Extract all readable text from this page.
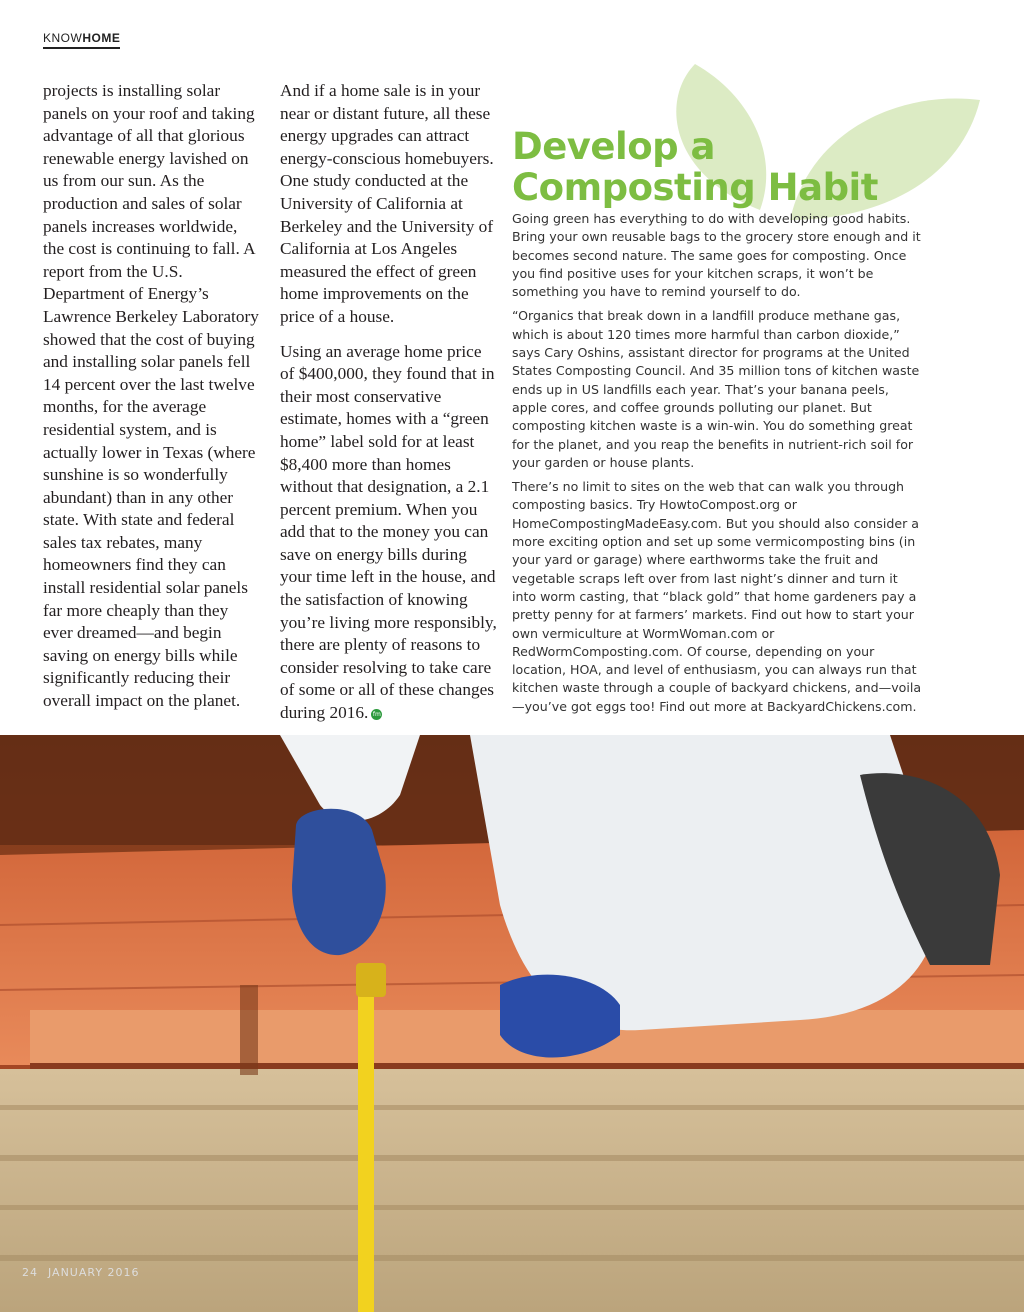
KNOWHOME

projects is installing solar panels on your roof and taking advantage of all that glorious renewable energy lavished on us from our sun. As the production and sales of solar panels increases worldwide, the cost is continuing to fall. A report from the U.S. Department of Energy’s Lawrence Berkeley Laboratory showed that the cost of buying and installing solar panels fell 14 percent over the last twelve months, for the average residential system, and is actually lower in Texas (where sunshine is so wonderfully abundant) than in any other state. With state and federal sales tax rebates, many homeowners find they can install residential solar panels far more cheaply than they ever dreamed—and begin saving on energy bills while significantly reducing their overall impact on the planet.

And if a home sale is in your near or distant future, all these energy upgrades can attract energy-conscious homebuyers. One study conducted at the University of California at Berkeley and the University of California at Los Angeles measured the effect of green home improvements on the price of a house.

Using an average home price of $400,000, they found that in their most conservative estimate, homes with a “green home” label sold for at least $8,400 more than homes without that designation, a 2.1 percent premium. When you add that to the money you can save on energy bills during your time left in the house, and the satisfaction of knowing you’re living more responsibly, there are plenty of reasons to consider resolving to take care of some or all of these changes during 2016. fm

Develop a
Composting Habit

Going green has everything to do with developing good habits. Bring your own reusable bags to the grocery store enough and it becomes second nature. The same goes for composting. Once you find positive uses for your kitchen scraps, it won’t be something you have to remind yourself to do.

“Organics that break down in a landfill produce methane gas, which is about 120 times more harmful than carbon dioxide,” says Cary Oshins, assistant director for programs at the United States Composting Council. And 35 million tons of kitchen waste ends up in US landfills each year. That’s your banana peels, apple cores, and coffee grounds polluting our planet. But composting kitchen waste is a win-win. You do something great for the planet, and you reap the benefits in nutrient-rich soil for your garden or house plants.

There’s no limit to sites on the web that can walk you through composting basics. Try HowtoCompost.org or HomeCompostingMadeEasy.com. But you should also consider a more exciting option and set up some vermicomposting bins (in your yard or garage) where earthworms take the fruit and vegetable scraps left over from last night’s dinner and turn it into worm casting, that “black gold” that home gardeners pay a pretty penny for at farmers’ markets. Find out how to start your own vermiculture at WormWoman.com or RedWormComposting.com. Of course, depending on your location, HOA, and level of enthusiasm, you can always run that kitchen waste through a couple of backyard chickens, and—voila—you’ve got eggs too! Find out more at BackyardChickens.com.

24 JANUARY 2016
